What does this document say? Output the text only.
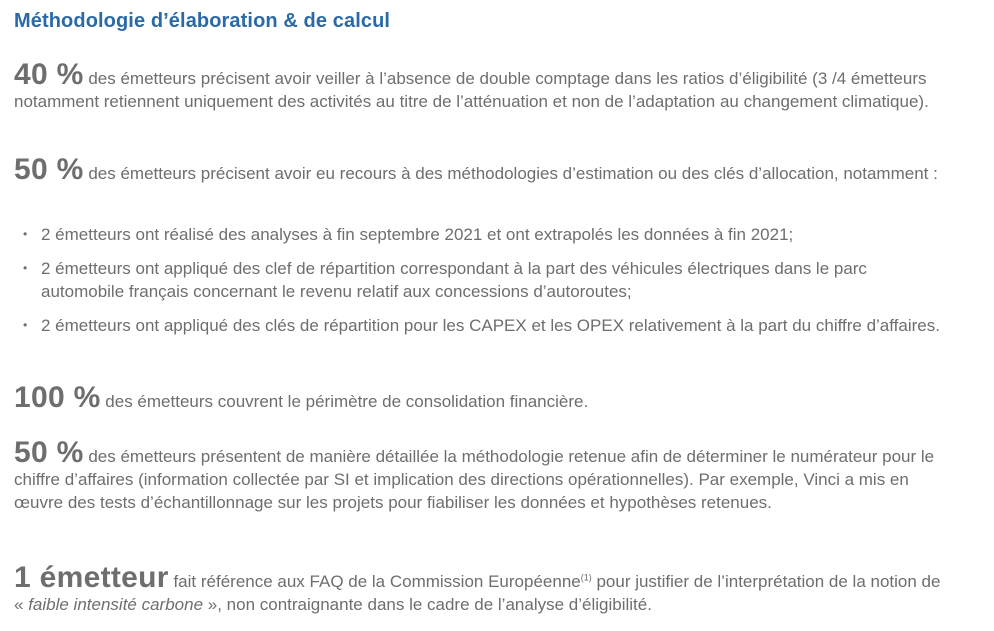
Méthodologie d’élaboration & de calcul
40 % des émetteurs précisent avoir veiller à l’absence de double comptage dans les ratios d’éligibilité (3 /4 émetteurs notamment retiennent uniquement des activités au titre de l’atténuation et non de l’adaptation au changement climatique).
50 % des émetteurs précisent avoir eu recours à des méthodologies d’estimation ou des clés d’allocation, notamment :
• 2 émetteurs ont réalisé des analyses à fin septembre 2021 et ont extrapolés les données à fin 2021;
• 2 émetteurs ont appliqué des clef de répartition correspondant à la part des véhicules électriques dans le parc automobile français concernant le revenu relatif aux concessions d’autoroutes;
• 2 émetteurs ont appliqué des clés de répartition pour les CAPEX et les OPEX relativement à la part du chiffre d’affaires.
100 % des émetteurs couvrent le périmètre de consolidation financière.
50 % des émetteurs présentent de manière détaillée la méthodologie retenue afin de déterminer le numérateur pour le chiffre d’affaires (information collectée par SI et implication des directions opérationnelles). Par exemple, Vinci a mis en œuvre des tests d’échantillonnage sur les projets pour fiabiliser les données et hypothèses retenues.
1 émetteur fait référence aux FAQ de la Commission Européenne$^{(1)}$ pour justifier de l’interprétation de la notion de « faible intensité carbone », non contraignante dans le cadre de l’analyse d’éligibilité.
